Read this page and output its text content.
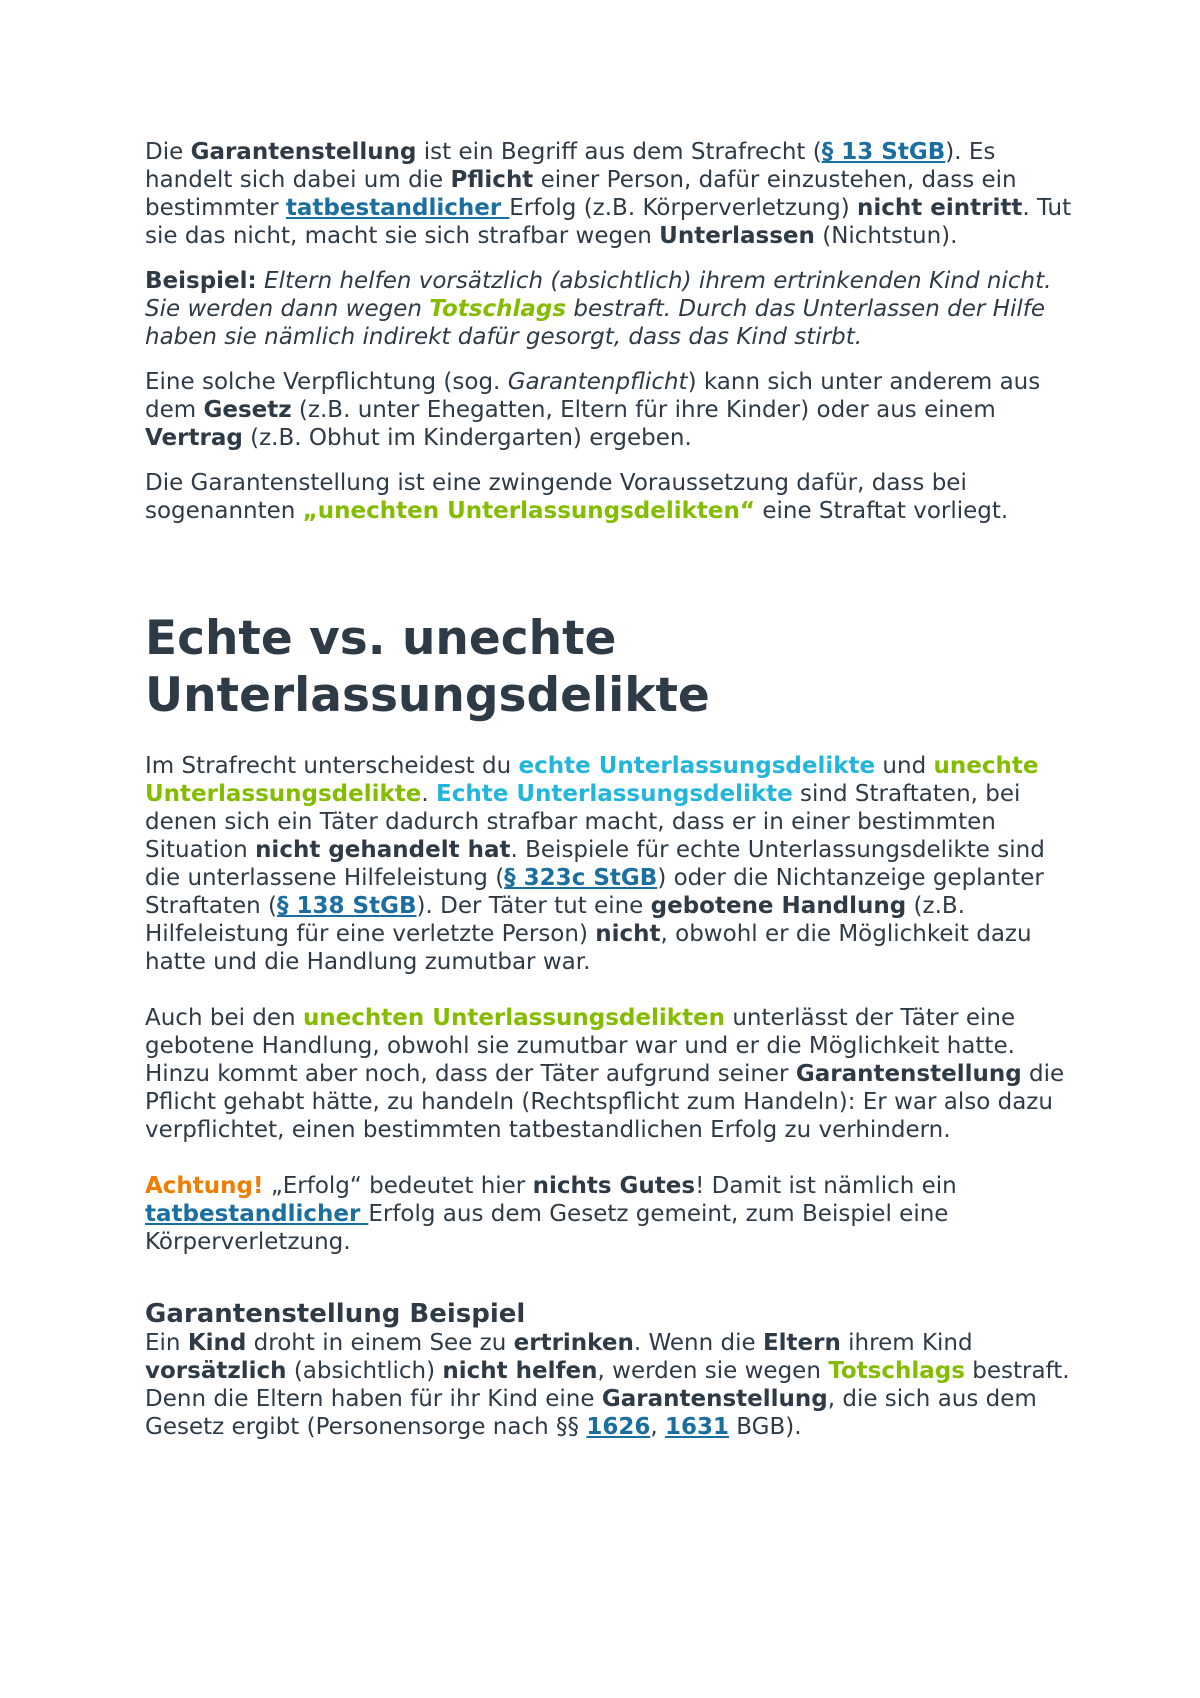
Die Garantenstellung ist ein Begriff aus dem Strafrecht (§ 13 StGB). Es handelt sich dabei um die Pflicht einer Person, dafür einzustehen, dass ein bestimmter tatbestandlicher Erfolg (z.B. Körperverletzung) nicht eintritt. Tut sie das nicht, macht sie sich strafbar wegen Unterlassen (Nichtstun).

Beispiel: Eltern helfen vorsätzlich (absichtlich) ihrem ertrinkenden Kind nicht. Sie werden dann wegen Totschlags bestraft. Durch das Unterlassen der Hilfe haben sie nämlich indirekt dafür gesorgt, dass das Kind stirbt.

Eine solche Verpflichtung (sog. Garantenpflicht) kann sich unter anderem aus dem Gesetz (z.B. unter Ehegatten, Eltern für ihre Kinder) oder aus einem Vertrag (z.B. Obhut im Kindergarten) ergeben.

Die Garantenstellung ist eine zwingende Voraussetzung dafür, dass bei sogenannten „unechten Unterlassungsdelikten“ eine Straftat vorliegt.

Echte vs. unechte Unterlassungsdelikte

Im Strafrecht unterscheidest du echte Unterlassungsdelikte und unechte Unterlassungsdelikte. Echte Unterlassungsdelikte sind Straftaten, bei denen sich ein Täter dadurch strafbar macht, dass er in einer bestimmten Situation nicht gehandelt hat. Beispiele für echte Unterlassungsdelikte sind die unterlassene Hilfeleistung (§ 323c StGB) oder die Nichtanzeige geplanter Straftaten (§ 138 StGB). Der Täter tut eine gebotene Handlung (z.B. Hilfeleistung für eine verletzte Person) nicht, obwohl er die Möglichkeit dazu hatte und die Handlung zumutbar war.

Auch bei den unechten Unterlassungsdelikten unterlässt der Täter eine gebotene Handlung, obwohl sie zumutbar war und er die Möglichkeit hatte. Hinzu kommt aber noch, dass der Täter aufgrund seiner Garantenstellung die Pflicht gehabt hätte, zu handeln (Rechtspflicht zum Handeln): Er war also dazu verpflichtet, einen bestimmten tatbestandlichen Erfolg zu verhindern.

Achtung! „Erfolg“ bedeutet hier nichts Gutes! Damit ist nämlich ein tatbestandlicher Erfolg aus dem Gesetz gemeint, zum Beispiel eine Körperverletzung.

Garantenstellung Beispiel

Ein Kind droht in einem See zu ertrinken. Wenn die Eltern ihrem Kind vorsätzlich (absichtlich) nicht helfen, werden sie wegen Totschlags bestraft. Denn die Eltern haben für ihr Kind eine Garantenstellung, die sich aus dem Gesetz ergibt (Personensorge nach §§ 1626, 1631 BGB).
